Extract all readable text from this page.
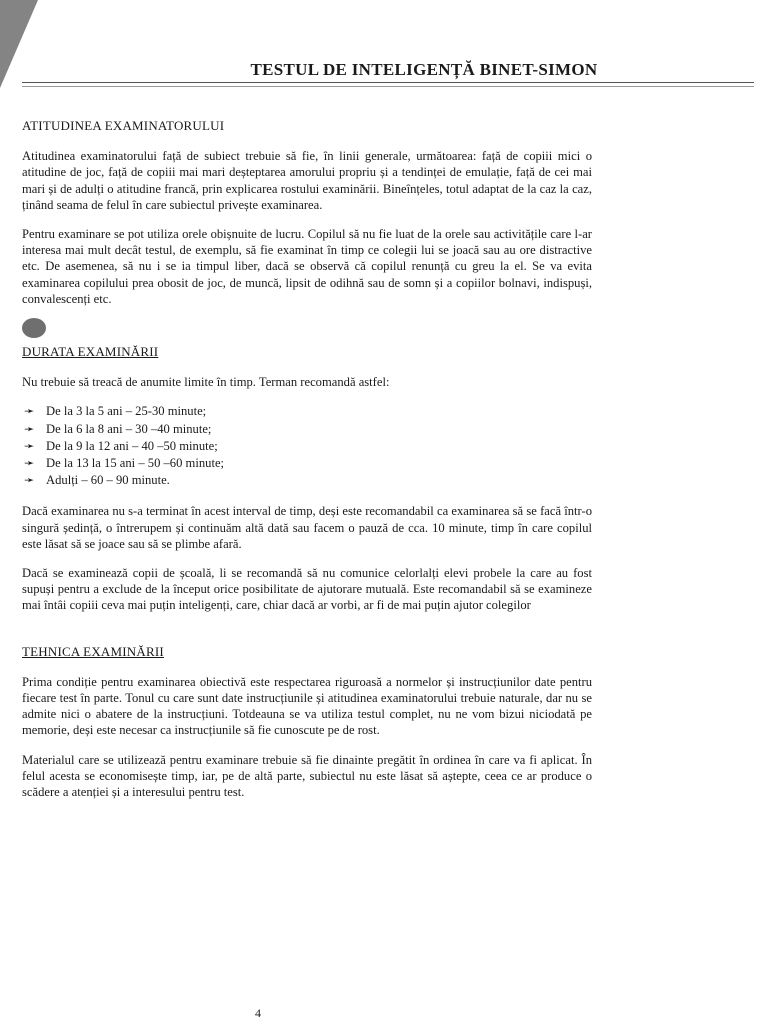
TESTUL DE INTELIGENȚĂ BINET-SIMON
ATITUDINEA EXAMINATORULUI

Atitudinea examinatorului față de subiect trebuie să fie, în linii generale, următoarea: față de copiii mici o atitudine de joc, față de copiii mai mari deșteptarea amorului propriu și a tendinței de emulație, față de cei mai mari și de adulți o atitudine francă, prin explicarea rostului examinării. Bineînțeles, totul adaptat de la caz la caz, ținând seama de felul în care subiectul privește examinarea.

Pentru examinare se pot utiliza orele obișnuite de lucru. Copilul să nu fie luat de la orele sau activitățile care l-ar interesa mai mult decât testul, de exemplu, să fie examinat în timp ce colegii lui se joacă sau au ore distractive etc. De asemenea, să nu i se ia timpul liber, dacă se observă că copilul renunță cu greu la el. Se va evita examinarea copilului prea obosit de joc, de muncă, lipsit de odihnă sau de somn și a copiilor bolnavi, indispuși, convalescenți etc.

DURATA EXAMINĂRII

Nu trebuie să treacă de anumite limite în timp. Terman recomandă astfel:

➛ De la 3 la 5 ani – 25-30 minute;
➛ De la 6 la 8 ani – 30 –40 minute;
➛ De la 9 la 12 ani – 40 –50 minute;
➛ De la 13 la 15 ani – 50 –60 minute;
➛ Adulți – 60 – 90 minute.

Dacă examinarea nu s-a terminat în acest interval de timp, deși este recomandabil ca examinarea să se facă într-o singură ședință, o întrerupem și continuăm altă dată sau facem o pauză de cca. 10 minute, timp în care copilul este lăsat să se joace sau să se plimbe afară.

Dacă se examinează copii de școală, li se recomandă să nu comunice celorlalți elevi probele la care au fost supuși pentru a exclude de la început orice posibilitate de ajutorare mutuală. Este recomandabil să se examineze mai întâi copiii ceva mai puțin inteligenți, care, chiar dacă ar vorbi, ar fi de mai puțin ajutor colegilor

TEHNICA EXAMINĂRII

Prima condiție pentru examinarea obiectivă este respectarea riguroasă a normelor și instrucțiunilor date pentru fiecare test în parte. Tonul cu care sunt date instrucțiunile și atitudinea examinatorului trebuie naturale, dar nu se admite nici o abatere de la instrucțiuni. Totdeauna se va utiliza testul complet, nu ne vom bizui niciodată pe memorie, deși este necesar ca instrucțiunile să fie cunoscute pe de rost.

Materialul care se utilizează pentru examinare trebuie să fie dinainte pregătit în ordinea în care va fi aplicat. În felul acesta se economisește timp, iar, pe de altă parte, subiectul nu este lăsat să aștepte, ceea ce ar produce o scădere a atenției și a interesului pentru test.

4
